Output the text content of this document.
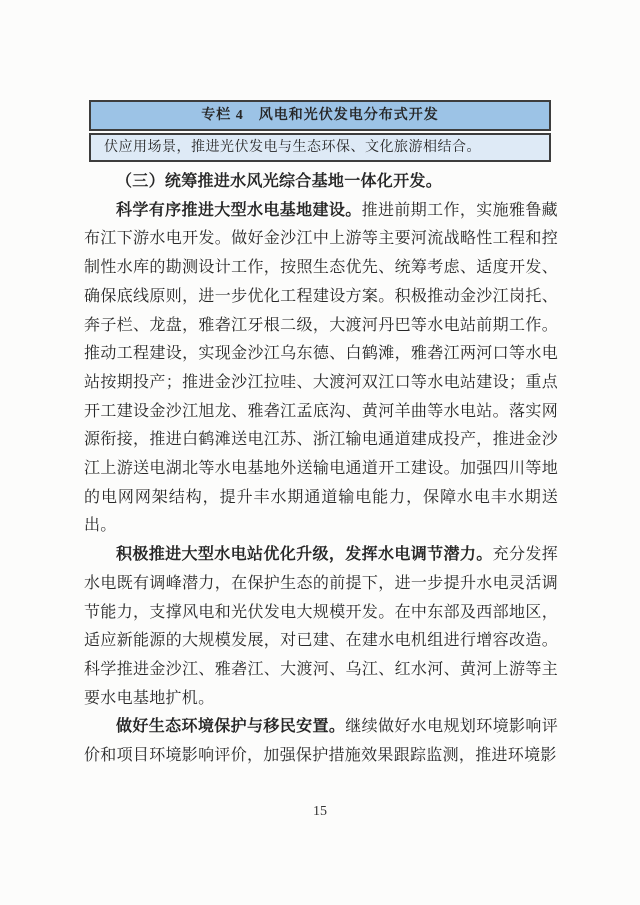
专栏 4　风电和光伏发电分布式开发
伏应用场景，推进光伏发电与生态环保、文化旅游相结合。

（三）统筹推进水风光综合基地一体化开发。

科学有序推进大型水电基地建设。推进前期工作，实施雅鲁藏布江下游水电开发。做好金沙江中上游等主要河流战略性工程和控制性水库的勘测设计工作，按照生态优先、统筹考虑、适度开发、确保底线原则，进一步优化工程建设方案。积极推动金沙江岗托、奔子栏、龙盘，雅砻江牙根二级，大渡河丹巴等水电站前期工作。推动工程建设，实现金沙江乌东德、白鹤滩，雅砻江两河口等水电站按期投产；推进金沙江拉哇、大渡河双江口等水电站建设；重点开工建设金沙江旭龙、雅砻江孟底沟、黄河羊曲等水电站。落实网源衔接，推进白鹤滩送电江苏、浙江输电通道建成投产，推进金沙江上游送电湖北等水电基地外送输电通道开工建设。加强四川等地的电网网架结构，提升丰水期通道输电能力，保障水电丰水期送出。

积极推进大型水电站优化升级，发挥水电调节潜力。充分发挥水电既有调峰潜力，在保护生态的前提下，进一步提升水电灵活调节能力，支撑风电和光伏发电大规模开发。在中东部及西部地区，适应新能源的大规模发展，对已建、在建水电机组进行增容改造。科学推进金沙江、雅砻江、大渡河、乌江、红水河、黄河上游等主要水电基地扩机。

做好生态环境保护与移民安置。继续做好水电规划环境影响评价和项目环境影响评价，加强保护措施效果跟踪监测，推进环境影

15
